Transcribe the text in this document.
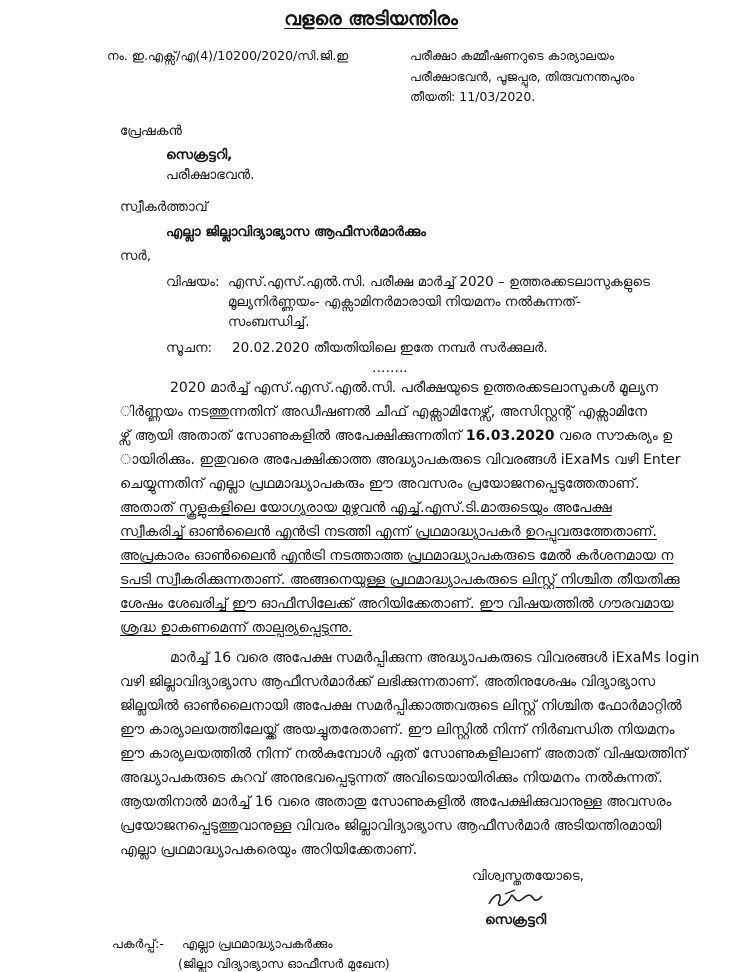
വളരെ അടിയന്തിരം
നം. ഇ.എക്സ്/എ(4)/10200/2020/സി.ജി.ഇ	പരീക്ഷാ കമ്മീഷണറുടെ കാര്യാലയം
പരീക്ഷാഭവൻ, പൂജപ്പുര, തിരുവനന്തപുരം
തീയതി: 11/03/2020.
പ്രേഷകൻ
സെക്രട്ടറി,
പരീക്ഷാഭവൻ.
സ്വീകർത്താവ്
എല്ലാ ജില്ലാവിദ്യാഭ്യാസ ആഫീസർമാർക്കും
സർ,
വിഷയം: എസ്.എസ്.എൽ.സി. പരീക്ഷ മാർച്ച് 2020 – ഉത്തരക്കടലാസുകളുടെ
മൂല്യനിർണ്ണയം- എക്സാമിനർമാരായി നിയമനം നൽകുന്നത്-
സംബന്ധിച്ച്.
സൂചന: 20.02.2020 തീയതിയിലെ ഇതേ നമ്പർ സർക്കുലർ.
……..
2020 മാർച്ച് എസ്.എസ്.എൽ.സി. പരീക്ഷയുടെ ഉത്തരക്കടലാസുകൾ മൂല്യന
ിർണ്ണയം നടത്തുന്നതിന് അഡീഷണൽ ചീഫ് എക്സാമിനേഴ്സ്, അസിസ്റ്റന്റ് എക്സാമിനേ
ഴ്സ് ആയി അതാത് സോണുകളിൽ അപേക്ഷിക്കുന്നതിന് 16.03.2020 വരെ സൗകര്യം ഉ
ായിരിക്കും. ഇതുവരെ അപേക്ഷിക്കാത്ത അദ്ധ്യാപകരുടെ വിവരങ്ങൾ iExaMs വഴി Enter
ചെയ്യുന്നതിന് എല്ലാ പ്രഥമാദ്ധ്യാപകരും ഈ അവസരം പ്രയോജനപ്പെടുത്തേതാണ്.
അതാത് സ്കൂളുകളിലെ യോഗ്യരായ മുഴുവൻ എച്ച്.എസ്.ടി.മാരുടെയും അപേക്ഷ
സ്വീകരിച്ച് ഓൺലൈൻ എൻട്രി നടത്തി എന്ന് പ്രഥമാദ്ധ്യാപകർ ഉറപ്പുവരുത്തേതാണ്.
അപ്രകാരം ഓൺലൈൻ എൻട്രി നടത്താത്ത പ്രഥമാദ്ധ്യാപകരുടെ മേൽ കർശനമായ ന
ടപടി സ്വീകരിക്കുന്നതാണ്. അങ്ങനെയുള്ള പ്രഥമാദ്ധ്യാപകരുടെ ലിസ്റ്റ് നിശ്ചിത തീയതിക്കു
ശേഷം ശേഖരിച്ച് ഈ ഓഫീസിലേക്ക് അറിയിക്കേതാണ്. ഈ വിഷയത്തിൽ ഗൗരവമായ
ശ്രദ്ധ ഉാകണമെന്ന് താല്പര്യപ്പെടുന്നു.
മാർച്ച് 16 വരെ അപേക്ഷ സമർപ്പിക്കുന്ന അദ്ധ്യാപകരുടെ വിവരങ്ങൾ iExaMs login
വഴി ജില്ലാവിദ്യാഭ്യാസ ആഫീസർമാർക്ക് ലഭിക്കുന്നതാണ്. അതിനുശേഷം വിദ്യാഭ്യാസ
ജില്ലയിൽ ഓൺലൈനായി അപേക്ഷ സമർപ്പിക്കാത്തവരുടെ ലിസ്റ്റ് നിശ്ചിത ഫോർമാറ്റിൽ
ഈ കാര്യാലയത്തിലേയ്ക്ക് അയച്ചുതരേതാണ്. ഈ ലിസ്റ്റിൽ നിന്ന് നിർബന്ധിത നിയമനം
ഈ കാര്യലയത്തിൽ നിന്ന് നൽകുമ്പോൾ ഏത് സോണുകളിലാണ് അതാത് വിഷയത്തിന്
അദ്ധ്യാപകരുടെ കുറവ് അനുഭവപ്പെടുന്നത് അവിടെയായിരിക്കും നിയമനം നൽകുന്നത്.
ആയതിനാൽ മാർച്ച് 16 വരെ അതാതു സോണുകളിൽ അപേക്ഷിക്കുവാനുള്ള അവസരം
പ്രയോജനപ്പെടുത്തുവാനുള്ള വിവരം ജില്ലാവിദ്യാഭ്യാസ ആഫീസർമാർ അടിയന്തിരമായി
എല്ലാ പ്രഥമാദ്ധ്യാപകരെയും അറിയിക്കേതാണ്.
വിശ്വസ്തതയോടെ,
സെക്രട്ടറി
പകർപ്പ്:- എല്ലാ പ്രഥമാദ്ധ്യാപകർക്കും
(ജില്ലാ വിദ്യാഭ്യാസ ഓഫീസർ മുഖേന)
